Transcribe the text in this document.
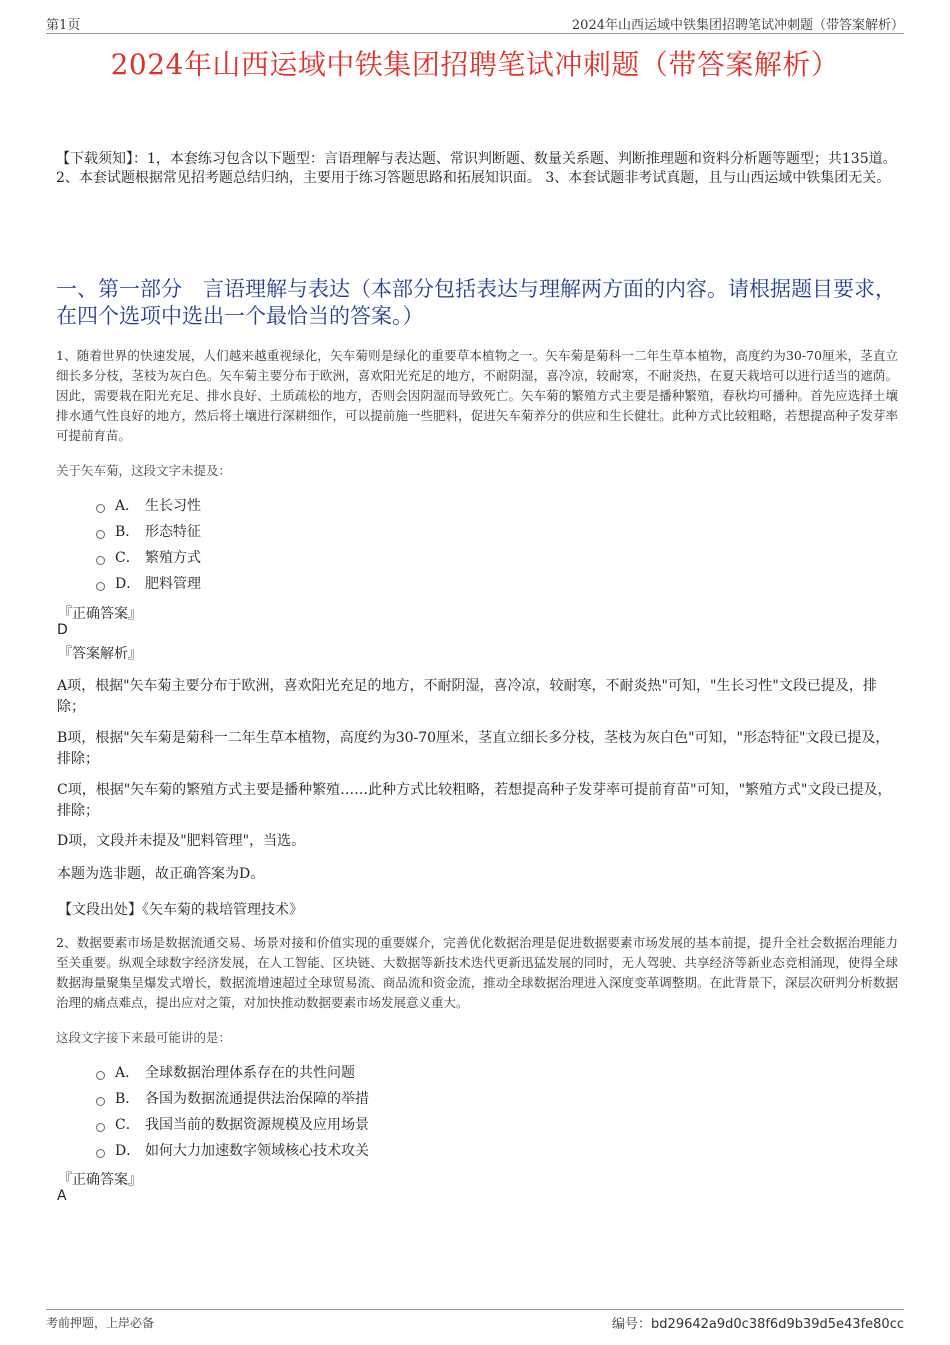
第1页	2024年山西运域中铁集团招聘笔试冲刺题（带答案解析）
2024年山西运域中铁集团招聘笔试冲刺题（带答案解析）
【下载须知】：1，本套练习包含以下题型：言语理解与表达题、常识判断题、数量关系题、判断推理题和资料分析题等题型；共135道。 2、本套试题根据常见招考题总结归纳，主要用于练习答题思路和拓展知识面。 3、本套试题非考试真题，且与山西运域中铁集团无关。
一、第一部分　言语理解与表达（本部分包括表达与理解两方面的内容。请根据题目要求，在四个选项中选出一个最恰当的答案。）
1、随着世界的快速发展，人们越来越重视绿化，矢车菊则是绿化的重要草本植物之一。矢车菊是菊科一二年生草本植物，高度约为30-70厘米，茎直立细长多分枝，茎枝为灰白色。矢车菊主要分布于欧洲，喜欢阳光充足的地方，不耐阴湿，喜冷凉，较耐寒，不耐炎热，在夏天栽培可以进行适当的遮荫。因此，需要栽在阳光充足、排水良好、土质疏松的地方，否则会因阴湿而导致死亡。矢车菊的繁殖方式主要是播种繁殖，春秋均可播种。首先应选择土壤排水通气性良好的地方，然后将土壤进行深耕细作，可以提前施一些肥料，促进矢车菊养分的供应和生长健壮。此种方式比较粗略，若想提高种子发芽率可提前育苗。
关于矢车菊，这段文字未提及：
A． 生长习性
B． 形态特征
C． 繁殖方式
D． 肥料管理
『正确答案』
D
『答案解析』
A项，根据"矢车菊主要分布于欧洲，喜欢阳光充足的地方，不耐阴湿，喜冷凉，较耐寒，不耐炎热"可知，"生长习性"文段已提及，排除；
B项，根据"矢车菊是菊科一二年生草本植物，高度约为30-70厘米，茎直立细长多分枝，茎枝为灰白色"可知，"形态特征"文段已提及，排除；
C项，根据"矢车菊的繁殖方式主要是播种繁殖……此种方式比较粗略，若想提高种子发芽率可提前育苗"可知，"繁殖方式"文段已提及，排除；
D项，文段并未提及"肥料管理"，当选。
本题为选非题，故正确答案为D。
【文段出处】《矢车菊的栽培管理技术》
2、数据要素市场是数据流通交易、场景对接和价值实现的重要媒介，完善优化数据治理是促进数据要素市场发展的基本前提，提升全社会数据治理能力至关重要。纵观全球数字经济发展，在人工智能、区块链、大数据等新技术迭代更新迅猛发展的同时，无人驾驶、共享经济等新业态竞相涌现，使得全球数据海量聚集呈爆发式增长，数据流增速超过全球贸易流、商品流和资金流，推动全球数据治理进入深度变革调整期。在此背景下，深层次研判分析数据治理的痛点难点，提出应对之策，对加快推动数据要素市场发展意义重大。
这段文字接下来最可能讲的是：
A． 全球数据治理体系存在的共性问题
B． 各国为数据流通提供法治保障的举措
C． 我国当前的数据资源规模及应用场景
D． 如何大力加速数字领域核心技术攻关
『正确答案』
A
考前押题，上岸必备	编号：bd29642a9d0c38f6d9b39d5e43fe80cc
